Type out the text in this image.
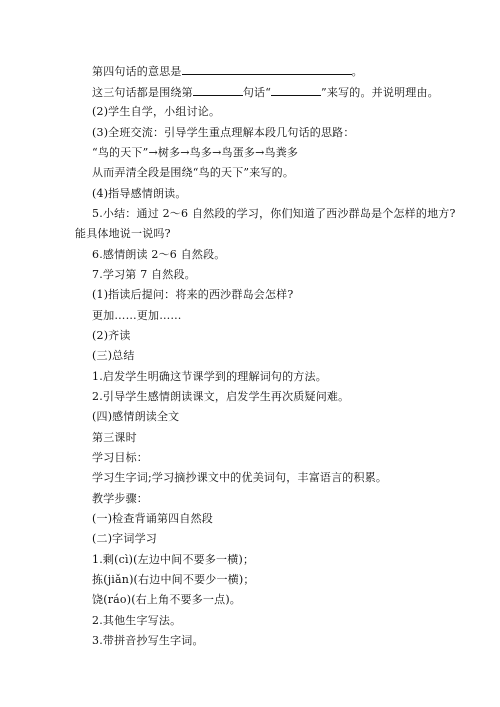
第四句话的意思是	。
这三句话都是围绕第	句话“	”来写的。并说明理由。
(2)学生自学，小组讨论。
(3)全班交流：引导学生重点理解本段几句话的思路：
“鸟的天下”→树多→鸟多→鸟蛋多→鸟粪多
从而弄清全段是围绕“鸟的天下”来写的。
(4)指导感情朗读。
5.小结：通过 2～6 自然段的学习，你们知道了西沙群岛是个怎样的地方?
能具体地说一说吗?
6.感情朗读 2～6 自然段。
7.学习第 7 自然段。
(1)指读后提问：将来的西沙群岛会怎样?
更加……更加……
(2)齐读
(三)总结
1.启发学生明确这节课学到的理解词句的方法。
2.引导学生感情朗读课文，启发学生再次质疑问难。
(四)感情朗读全文
第三课时
学习目标：
学习生字词;学习摘抄课文中的优美词句，丰富语言的积累。
教学步骤：
(一)检查背诵第四自然段
(二)字词学习
1.剩(cì)(左边中间不要多一横)；
拣(jiǎn)(右边中间不要少一横)；
饶(ráo)(右上角不要多一点)。
2.其他生字写法。
3.带拼音抄写生字词。
